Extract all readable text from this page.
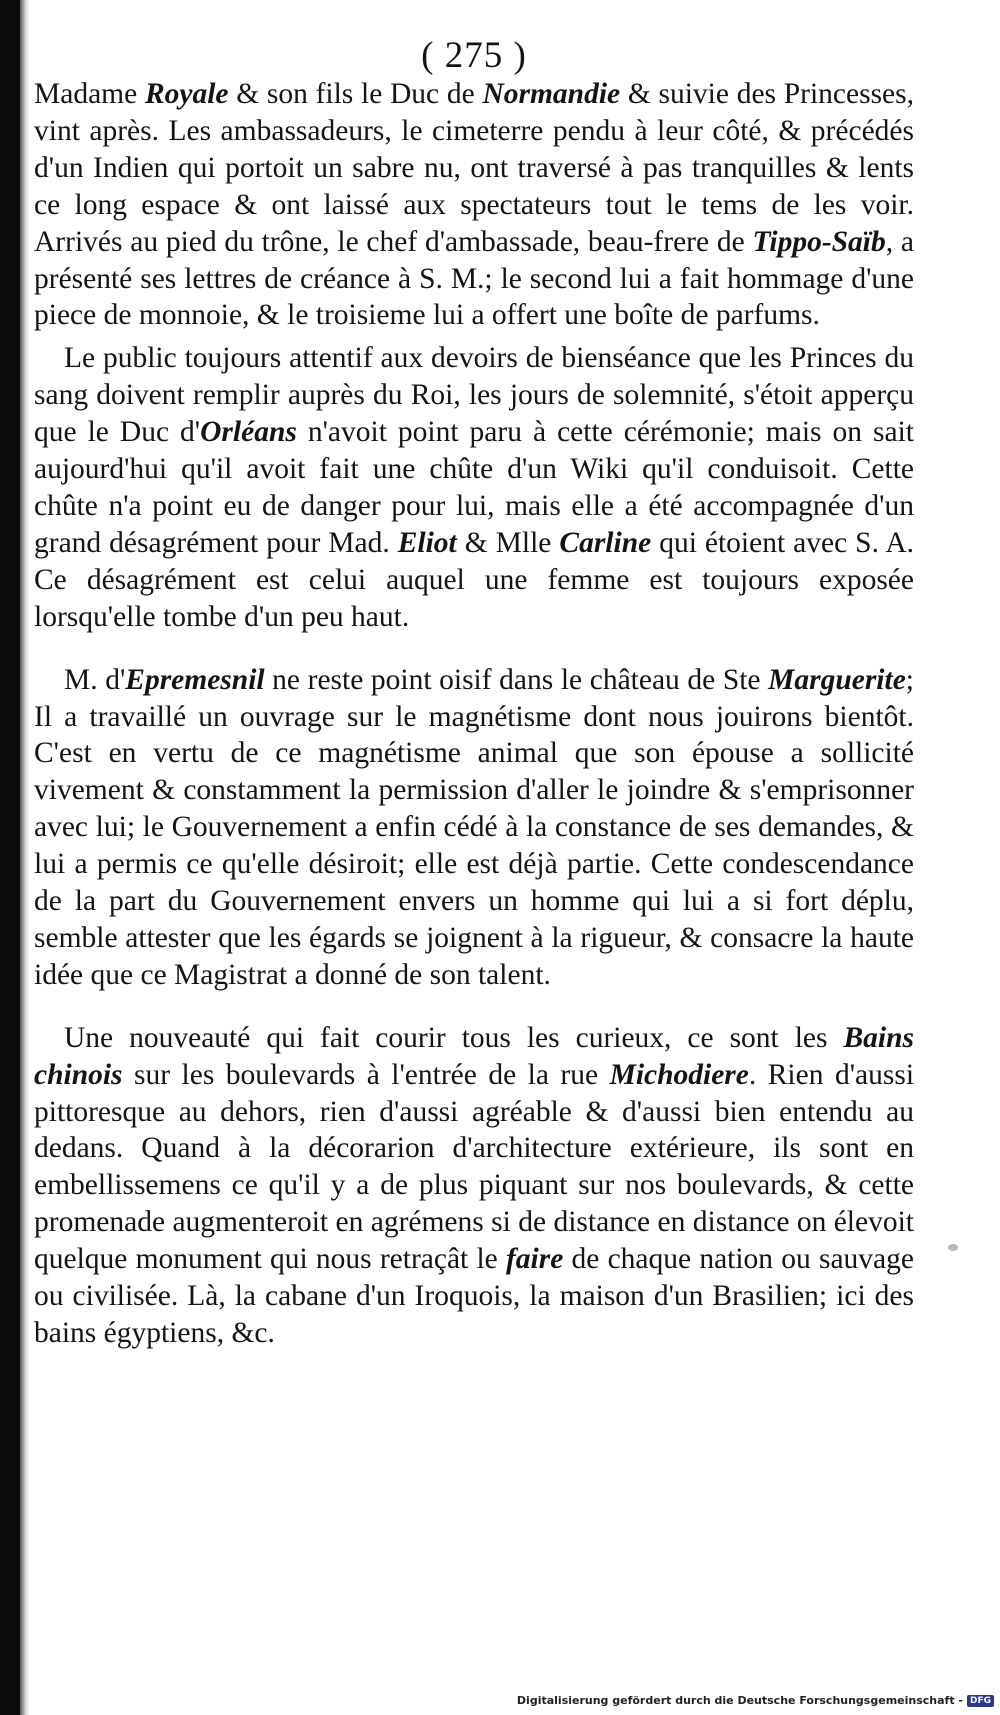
( 275 )

Madame Royale & son fils le Duc de Normandie & suivie des Princesses, vint après. Les ambassadeurs, le cimeterre pendu à leur côté, & précédés d'un Indien qui portoit un sabre nu, ont traversé à pas tranquilles & lents ce long espace & ont laissé aux spectateurs tout le tems de les voir. Arrivés au pied du trône, le chef d'ambassade, beau-frere de Tippo-Saïb, a présenté ses lettres de créance à S. M.; le second lui a fait hommage d'une piece de monnoie, & le troisieme lui a offert une boîte de parfums.

Le public toujours attentif aux devoirs de bienséance que les Princes du sang doivent remplir auprès du Roi, les jours de solemnité, s'étoit apperçu que le Duc d'Orléans n'avoit point paru à cette cérémonie; mais on sait aujourd'hui qu'il avoit fait une chûte d'un Wiki qu'il conduisoit. Cette chûte n'a point eu de danger pour lui, mais elle a été accompagnée d'un grand désagrément pour Mad. Eliot & Mlle Carline qui étoient avec S. A. Ce désagrément est celui auquel une femme est toujours exposée lorsqu'elle tombe d'un peu haut.

M. d'Epremesnil ne reste point oisif dans le château de Ste Marguerite; Il a travaillé un ouvrage sur le magnétisme dont nous jouirons bientôt. C'est en vertu de ce magnétisme animal que son épouse a sollicité vivement & constamment la permission d'aller le joindre & s'emprisonner avec lui; le Gouvernement a enfin cédé à la constance de ses demandes, & lui a permis ce qu'elle désiroit; elle est déjà partie. Cette condescendance de la part du Gouvernement envers un homme qui lui a si fort déplu, semble attester que les égards se joignent à la rigueur, & consacre la haute idée que ce Magistrat a donné de son talent.

Une nouveauté qui fait courir tous les curieux, ce sont les Bains chinois sur les boulevards à l'entrée de la rue Michodiere. Rien d'aussi pittoresque au dehors, rien d'aussi agréable & d'aussi bien entendu au dedans. Quand à la décorarion d'architecture extérieure, ils sont en embellissemens ce qu'il y a de plus piquant sur nos boulevards, & cette promenade augmenteroit en agrémens si de distance en distance on élevoit quelque monument qui nous retraçât le faire de chaque nation ou sauvage ou civilisée. Là, la cabane d'un Iroquois, la maison d'un Brasilien; ici des bains égyptiens, &c.

Digitalisierung gefördert durch die Deutsche Forschungsgemeinschaft - DFG
